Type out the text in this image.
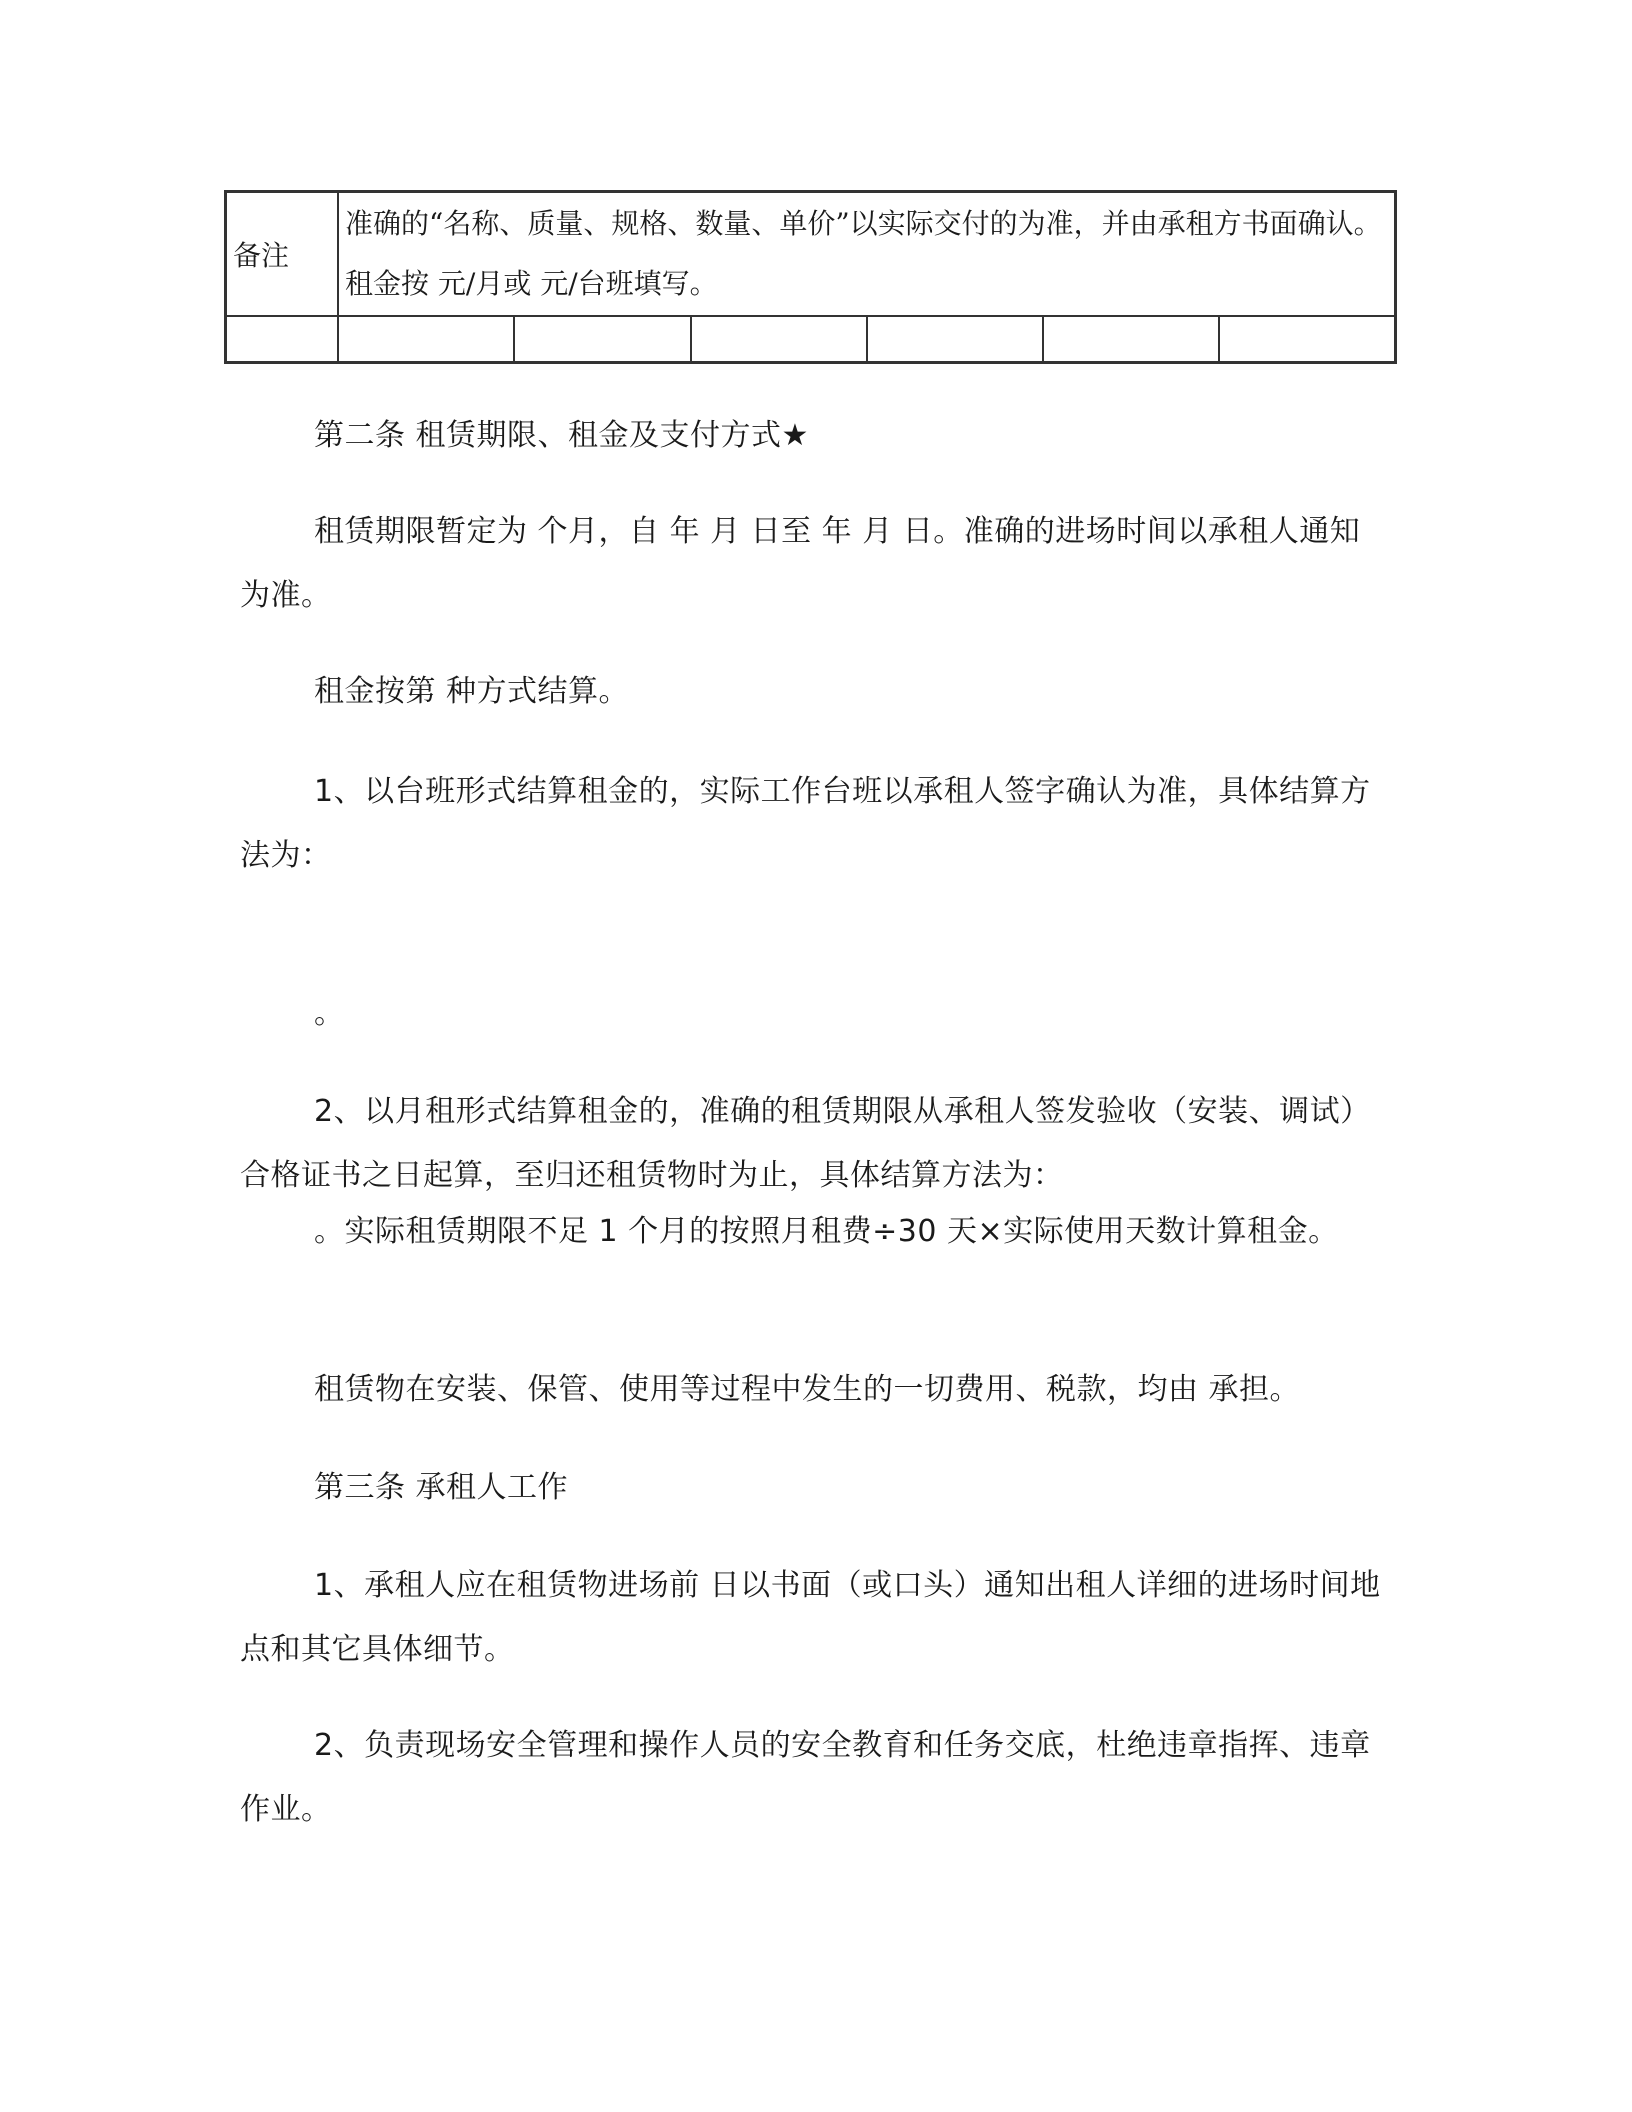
备注	准确的“名称、质量、规格、数量、单价”以实际交付的为准，并由承租方书面确认。租金按 元/月或 元/台班填写。					

第二条 租赁期限、租金及支付方式★

租赁期限暂定为 个月，自 年 月 日至 年 月 日。准确的进场时间以承租人通知为准。

租金按第 种方式结算。

1、以台班形式结算租金的，实际工作台班以承租人签字确认为准，具体结算方法为：

。

2、以月租形式结算租金的，准确的租赁期限从承租人签发验收（安装、调试）合格证书之日起算，至归还租赁物时为止，具体结算方法为：

。实际租赁期限不足 1 个月的按照月租费÷30 天×实际使用天数计算租金。

租赁物在安装、保管、使用等过程中发生的一切费用、税款，均由 承担。

第三条 承租人工作

1、承租人应在租赁物进场前 日以书面（或口头）通知出租人详细的进场时间地点和其它具体细节。

2、负责现场安全管理和操作人员的安全教育和任务交底，杜绝违章指挥、违章作业。
